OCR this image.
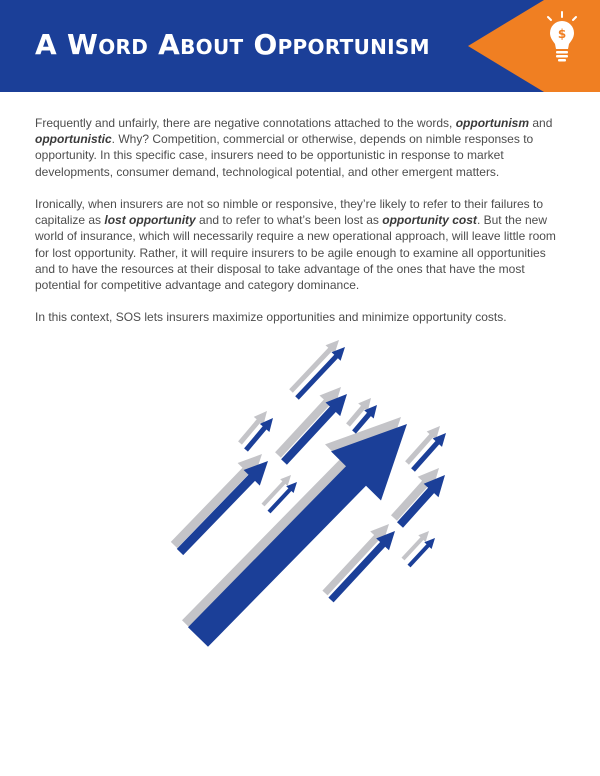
A Word About Opportunism	$

Frequently and unfairly, there are negative connotations attached to the words, opportunism and opportunistic. Why? Competition, commercial or otherwise, depends on nimble responses to opportunity. In this specific case, insurers need to be opportunistic in response to market developments, consumer demand, technological potential, and other emergent matters.

Ironically, when insurers are not so nimble or responsive, they’re likely to refer to their failures to capitalize as lost opportunity and to refer to what’s been lost as opportunity cost. But the new world of insurance, which will necessarily require a new operational approach, will leave little room for lost opportunity. Rather, it will require insurers to be agile enough to examine all opportunities and to have the resources at their disposal to take advantage of the ones that have the most potential for competitive advantage and category dominance.

In this context, SOS lets insurers maximize opportunities and minimize opportunity costs.
